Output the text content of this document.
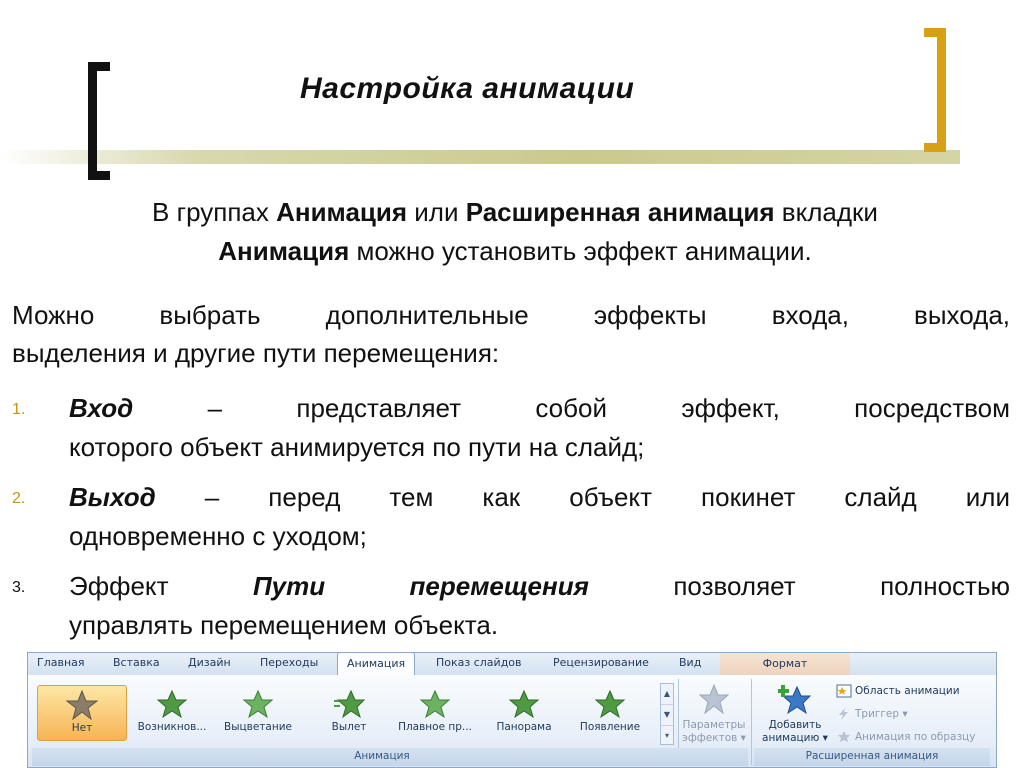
Настройка анимации
В группах Анимация или Расширенная анимация вкладки
Анимация можно установить эффект анимации.
Можно выбрать дополнительные эффекты входа, выхода,
выделения и другие пути перемещения:
1. Вход – представляет собой эффект, посредством
которого объект анимируется по пути на слайд;
2. Выход – перед тем как объект покинет слайд или
одновременно с уходом;
3. Эффект Пути перемещения позволяет полностью
управлять перемещением объекта.
Главная	Вставка	Дизайн	Переходы	Анимация	Показ слайдов	Рецензирование	Вид	Формат
Нет	Возникнов...	Выцветание	Вылет	Плавное пр...	Панорама	Появление
▲
▼
▾
Параметры
эффектов ▾
Добавить
анимацию ▾
Область анимации
Триггер ▾
Анимация по образцу
Анимация	Расширенная анимация
